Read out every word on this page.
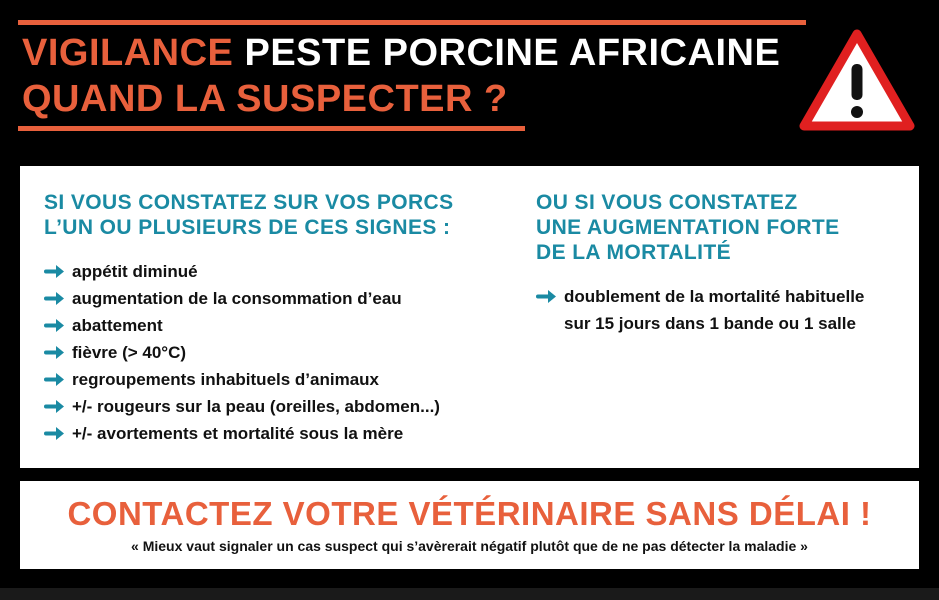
VIGILANCE PESTE PORCINE AFRICAINE
QUAND LA SUSPECTER ?
SI VOUS CONSTATEZ SUR VOS PORCS
L’UN OU PLUSIEURS DE CES SIGNES :
appétit diminué
augmentation de la consommation d’eau
abattement
fièvre (> 40°C)
regroupements inhabituels d’animaux
+/- rougeurs sur la peau (oreilles, abdomen...)
+/- avortements et mortalité sous la mère
OU SI VOUS CONSTATEZ
UNE AUGMENTATION FORTE
DE LA MORTALITÉ
doublement de la mortalité habituelle
sur 15 jours dans 1 bande ou 1 salle

CONTACTEZ VOTRE VÉTÉRINAIRE SANS DÉLAI !

« Mieux vaut signaler un cas suspect qui s’avèrerait négatif plutôt que de ne pas détecter la maladie »
